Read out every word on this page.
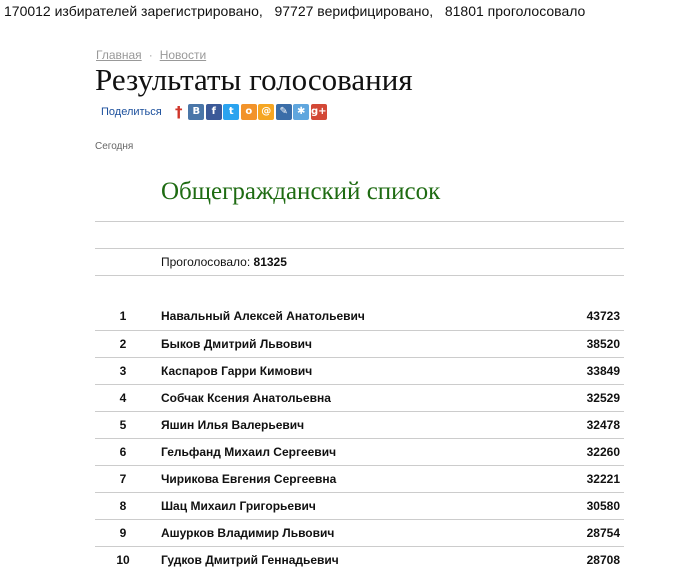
170012 избирателей зарегистрировано,   97727 верифицировано,   81801 проголосовало
Главная · Новости
Результаты голосования
Поделиться † B	f	t	o @ ✎ ✱ g+
Сегодня
Общегражданский список
Проголосовало: 81325
1	Навальный Алексей Анатольевич	43723
2	Быков Дмитрий Львович	38520
3	Каспаров Гарри Кимович	33849
4	Собчак Ксения Анатольевна	32529
5	Яшин Илья Валерьевич	32478
6	Гельфанд Михаил Сергеевич	32260
7	Чирикова Евгения Сергеевна	32221
8	Шац Михаил Григорьевич	30580
9	Ашурков Владимир Львович	28754
10	Гудков Дмитрий Геннадьевич	28708
